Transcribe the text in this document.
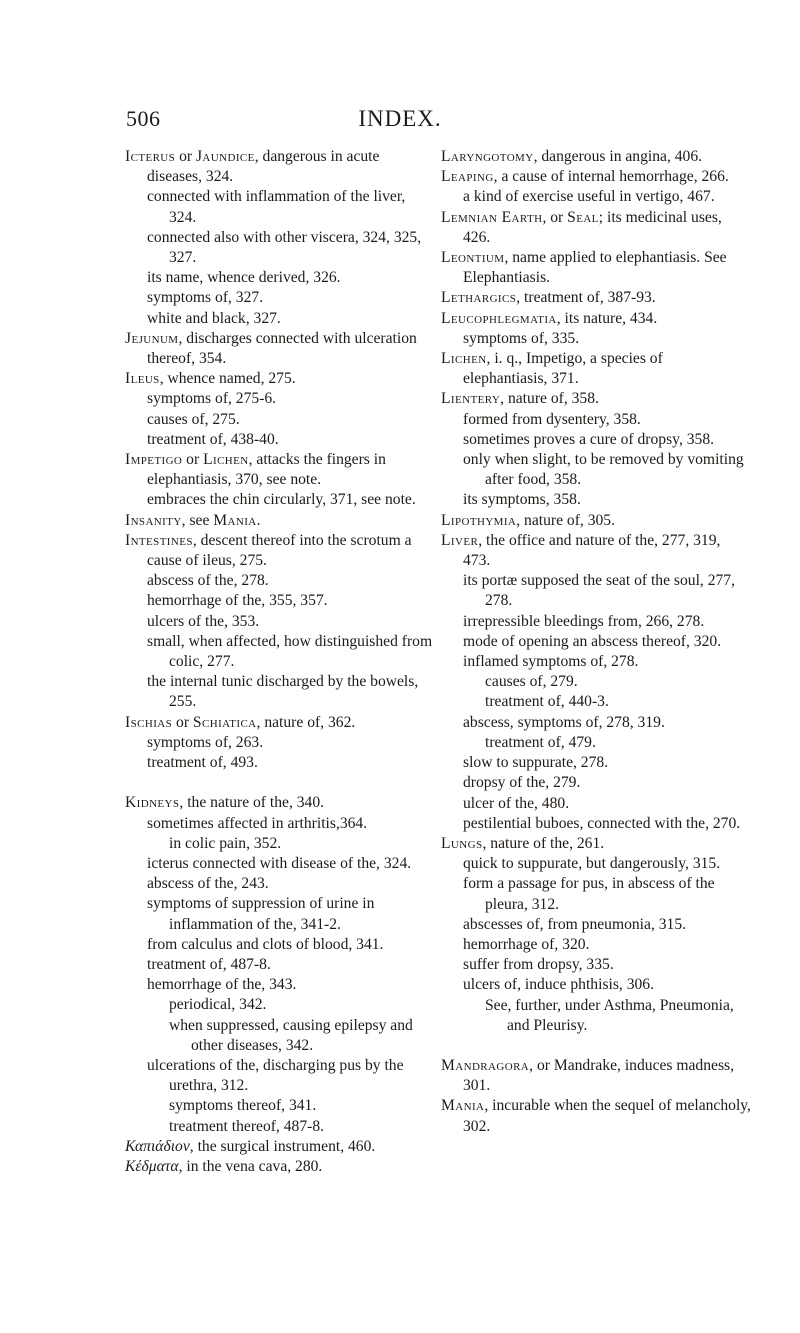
506	INDEX.

Icterus or Jaundice, dangerous in acute diseases, 324.

connected with inflammation of the liver, 324.

connected also with other viscera, 324, 325, 327.

its name, whence derived, 326.

symptoms of, 327.

white and black, 327.

Jejunum, discharges connected with ulceration thereof, 354.

Ileus, whence named, 275.

symptoms of, 275-6.

causes of, 275.

treatment of, 438-40.

Impetigo or Lichen, attacks the fingers in elephantiasis, 370, see note.

embraces the chin circularly, 371, see note.

Insanity, see Mania.

Intestines, descent thereof into the scrotum a cause of ileus, 275.

abscess of the, 278.

hemorrhage of the, 355, 357.

ulcers of the, 353.

small, when affected, how distinguished from colic, 277.

the internal tunic discharged by the bowels, 255.

Ischias or Schiatica, nature of, 362.

symptoms of, 263.

treatment of, 493.

Kidneys, the nature of the, 340.

sometimes affected in arthritis,364.

in colic pain, 352.

icterus connected with disease of the, 324.

abscess of the, 243.

symptoms of suppression of urine in inflammation of the, 341-2.

from calculus and clots of blood, 341.

treatment of, 487-8.

hemorrhage of the, 343.

periodical, 342.

when suppressed, causing epilepsy and other diseases, 342.

ulcerations of the, discharging pus by the urethra, 312.

symptoms thereof, 341.

treatment thereof, 487-8.

Καπιάδιον, the surgical instrument, 460.

Κέδματα, in the vena cava, 280.

Laryngotomy, dangerous in angina, 406.

Leaping, a cause of internal hemorrhage, 266.

a kind of exercise useful in vertigo, 467.

Lemnian Earth, or Seal; its medicinal uses, 426.

Leontium, name applied to elephantiasis. See Elephantiasis.

Lethargics, treatment of, 387-93.

Leucophlegmatia, its nature, 434.

symptoms of, 335.

Lichen, i. q., Impetigo, a species of elephantiasis, 371.

Lientery, nature of, 358.

formed from dysentery, 358.

sometimes proves a cure of dropsy, 358.

only when slight, to be removed by vomiting after food, 358.

its symptoms, 358.

Lipothymia, nature of, 305.

Liver, the office and nature of the, 277, 319, 473.

its portæ supposed the seat of the soul, 277, 278.

irrepressible bleedings from, 266, 278.

mode of opening an abscess thereof, 320.

inflamed symptoms of, 278.

causes of, 279.

treatment of, 440-3.

abscess, symptoms of, 278, 319.

treatment of, 479.

slow to suppurate, 278.

dropsy of the, 279.

ulcer of the, 480.

pestilential buboes, connected with the, 270.

Lungs, nature of the, 261.

quick to suppurate, but dangerously, 315.

form a passage for pus, in abscess of the pleura, 312.

abscesses of, from pneumonia, 315.

hemorrhage of, 320.

suffer from dropsy, 335.

ulcers of, induce phthisis, 306.

See, further, under Asthma, Pneumonia, and Pleurisy.

Mandragora, or Mandrake, induces madness, 301.

Mania, incurable when the sequel of melancholy, 302.
